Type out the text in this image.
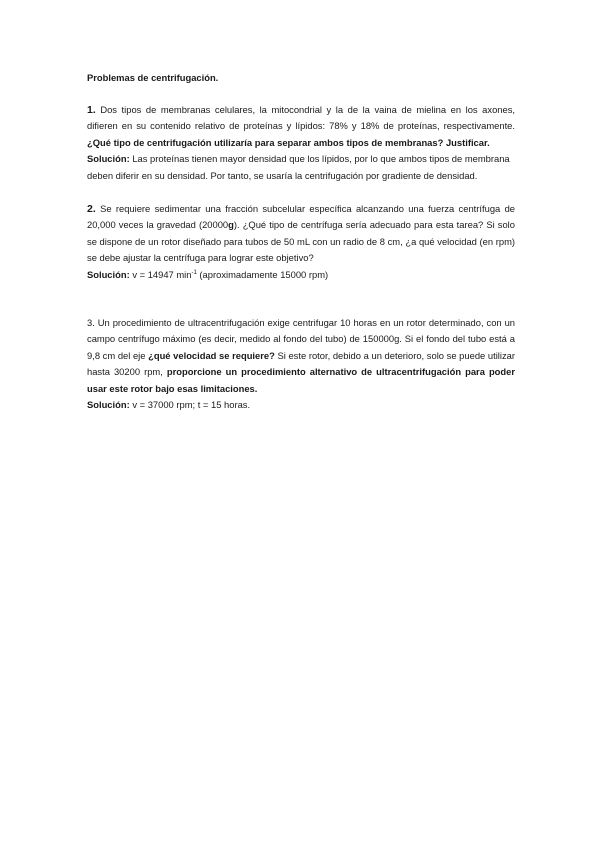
Problemas de centrifugación.

1. Dos tipos de membranas celulares, la mitocondrial y la de la vaina de mielina en los axones, difieren en su contenido relativo de proteínas y lípidos: 78% y 18% de proteínas, respectivamente. ¿Qué tipo de centrifugación utilizaría para separar ambos tipos de membranas? Justificar.

Solución: Las proteínas tienen mayor densidad que los lípidos, por lo que ambos tipos de membrana deben diferir en su densidad. Por tanto, se usaría la centrifugación por gradiente de densidad.

2. Se requiere sedimentar una fracción subcelular específica alcanzando una fuerza centrífuga de 20,000 veces la gravedad (20000g). ¿Qué tipo de centrífuga sería adecuado para esta tarea? Si solo se dispone de un rotor diseñado para tubos de 50 mL con un radio de 8 cm, ¿a qué velocidad (en rpm) se debe ajustar la centrífuga para lograr este objetivo?

Solución: v = 14947 $\min^{-1}$ (aproximadamente 15000 rpm)

3. Un procedimiento de ultracentrifugación exige centrifugar 10 horas en un rotor determinado, con un campo centrífugo máximo (es decir, medido al fondo del tubo) de 150000g. Si el fondo del tubo está a 9,8 cm del eje ¿qué velocidad se requiere? Si este rotor, debido a un deterioro, solo se puede utilizar hasta 30200 rpm, proporcione un procedimiento alternativo de ultracentrifugación para poder usar este rotor bajo esas limitaciones.

Solución: v = 37000 rpm; t = 15 horas.
